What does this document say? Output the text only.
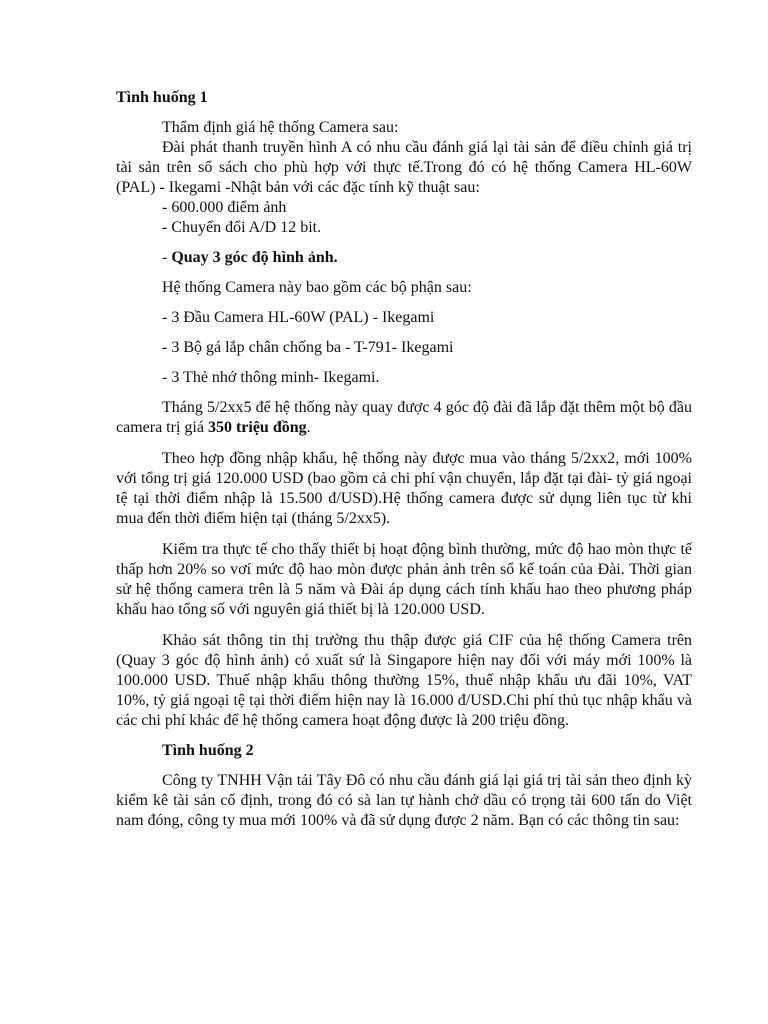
Tình huống 1

Thẩm định giá hệ thống Camera sau:

Đài phát thanh truyền hình A có nhu cầu đánh giá lại tài sản để điều chỉnh giá trị tài sản trên sổ sách cho phù hợp với thực tế.Trong đó có hệ thống Camera HL-60W (PAL) - Ikegami -Nhật bản với các đặc tính kỹ thuật sau:

- 600.000 điểm ảnh

- Chuyển đổi A/D 12 bit.

- Quay 3 góc độ hình ảnh.

Hệ thống Camera này bao gồm các bộ phận sau:

- 3 Đầu Camera HL-60W (PAL) - Ikegami

- 3 Bộ gá lắp chân chống ba - T-791- Ikegami

- 3 Thẻ nhớ thông minh- Ikegami.

Tháng 5/2xx5 để hệ thống này quay được 4 góc độ đài đã lắp đặt thêm một bộ đầu camera trị giá 350 triệu đồng.

Theo hợp đồng nhập khẩu, hệ thống này được mua vào tháng 5/2xx2, mới 100% với tổng trị giá 120.000 USD (bao gồm cả chi phí vận chuyển, lắp đặt tại đài- tỷ giá ngoại tệ tại thời điểm nhập là 15.500 đ/USD).Hệ thống camera được sử dụng liên tục từ khi mua đến thời điểm hiện tại (tháng 5/2xx5).

Kiểm tra thực tế cho thấy thiết bị hoạt động bình thường, mức độ hao mòn thực tế thấp hơn 20% so vơí mức độ hao mòn được phản ảnh trên sổ kế toán của Đài. Thời gian sử hệ thống camera trên là 5 năm và Đài áp dụng cách tính khấu hao theo phương pháp khấu hao tổng số với nguyên giá thiết bị là 120.000 USD.

Khảo sát thông tin thị trường thu thập được giá CIF của hệ thống Camera trên (Quay 3 góc độ hình ảnh) có xuất sứ là Singapore hiện nay đối với máy mới 100% là 100.000 USD. Thuế nhập khẩu thông thường 15%, thuế nhập khẩu ưu đãi 10%, VAT 10%, tỷ giá ngoại tệ tại thời điểm hiện nay là 16.000 đ/USD.Chi phí thủ tục nhập khẩu và các chi phí khác để hệ thống camera hoạt động được là 200 triệu đồng.

Tình huống 2

Công ty TNHH Vận tải Tây Đô có nhu cầu đánh giá lại giá trị tài sản theo định kỳ kiểm kê tài sản cố định, trong đó có sà lan tự hành chở dầu có trọng tải 600 tấn do Việt nam đóng, công ty mua mới 100% và đã sử dụng được 2 năm. Bạn có các thông tin sau:
